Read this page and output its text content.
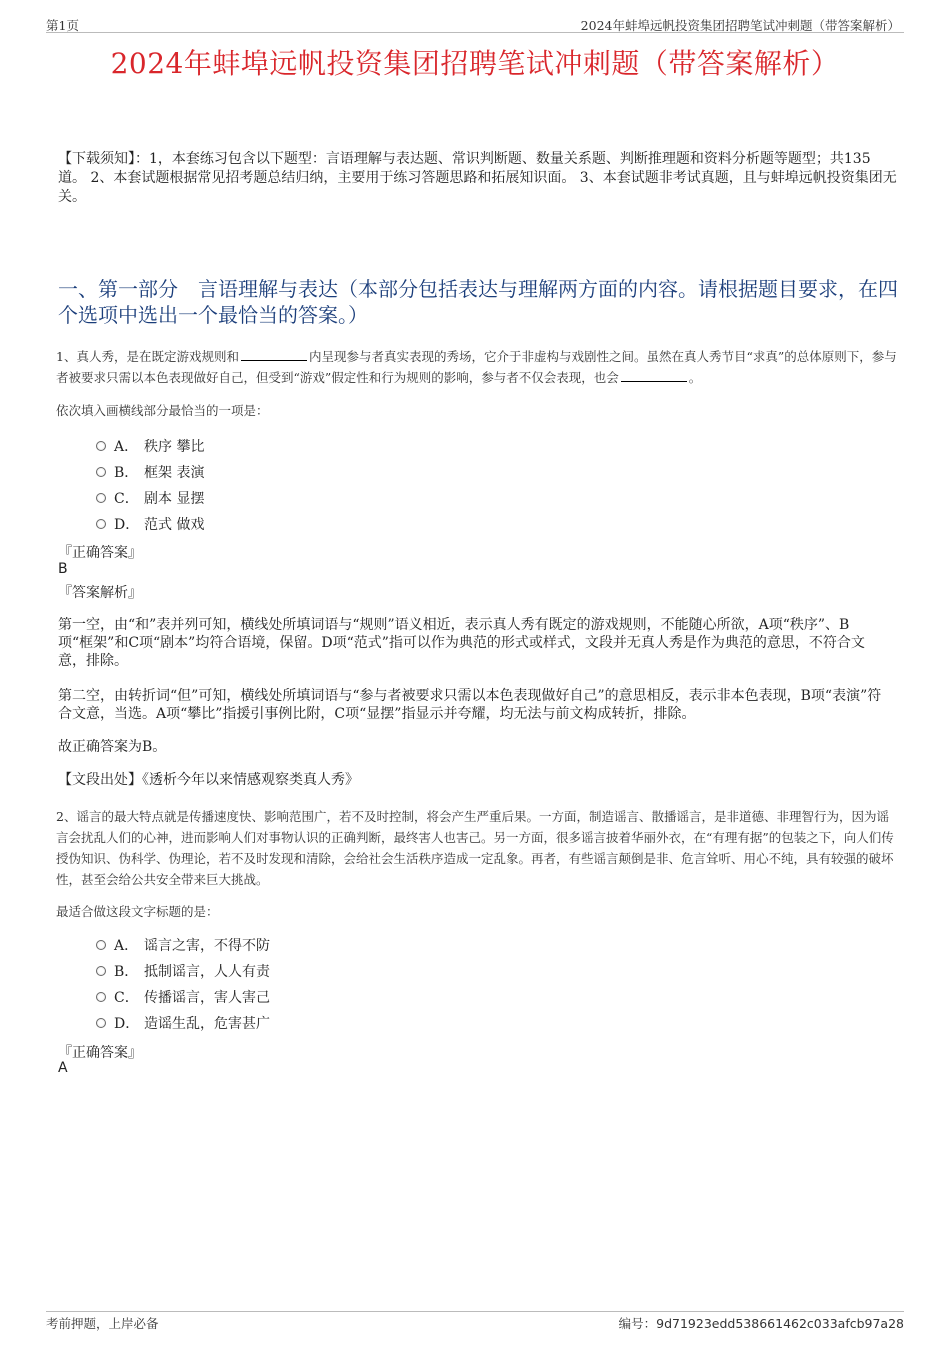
第1页	2024年蚌埠远帆投资集团招聘笔试冲刺题（带答案解析）
2024年蚌埠远帆投资集团招聘笔试冲刺题（带答案解析）
【下载须知】：1，本套练习包含以下题型：言语理解与表达题、常识判断题、数量关系题、判断推理题和资料分析题等题型；共135道。 2、本套试题根据常见招考题总结归纳，主要用于练习答题思路和拓展知识面。 3、本套试题非考试真题，且与蚌埠远帆投资集团无关。
一、第一部分　言语理解与表达（本部分包括表达与理解两方面的内容。请根据题目要求，在四个选项中选出一个最恰当的答案。）
1、真人秀，是在既定游戏规则和	内呈现参与者真实表现的秀场，它介于非虚构与戏剧性之间。虽然在真人秀节目“求真”的总体原则下，参与者被要求只需以本色表现做好自己，但受到“游戏”假定性和行为规则的影响，参与者不仅会表现，也会	。
依次填入画横线部分最恰当的一项是：
A． 秩序 攀比
B． 框架 表演
C． 剧本 显摆
D． 范式 做戏
『正确答案』
B
『答案解析』
第一空，由“和”表并列可知，横线处所填词语与“规则”语义相近，表示真人秀有既定的游戏规则，不能随心所欲，A项“秩序”、B项“框架”和C项“剧本”均符合语境，保留。D项“范式”指可以作为典范的形式或样式，文段并无真人秀是作为典范的意思，不符合文意，排除。
第二空，由转折词“但”可知，横线处所填词语与“参与者被要求只需以本色表现做好自己”的意思相反，表示非本色表现，B项“表演”符合文意，当选。A项“攀比”指援引事例比附，C项“显摆”指显示并夸耀，均无法与前文构成转折，排除。
故正确答案为B。
【文段出处】《透析今年以来情感观察类真人秀》
2、谣言的最大特点就是传播速度快、影响范围广，若不及时控制，将会产生严重后果。一方面，制造谣言、散播谣言，是非道德、非理智行为，因为谣言会扰乱人们的心神，进而影响人们对事物认识的正确判断，最终害人也害己。另一方面，很多谣言披着华丽外衣，在“有理有据”的包装之下，向人们传授伪知识、伪科学、伪理论，若不及时发现和清除，会给社会生活秩序造成一定乱象。再者，有些谣言颠倒是非、危言耸听、用心不纯，具有较强的破坏性，甚至会给公共安全带来巨大挑战。
最适合做这段文字标题的是：
A． 谣言之害，不得不防
B． 抵制谣言，人人有责
C． 传播谣言，害人害己
D． 造谣生乱，危害甚广
『正确答案』
A
考前押题，上岸必备	编号：9d71923edd538661462c033afcb97a28
